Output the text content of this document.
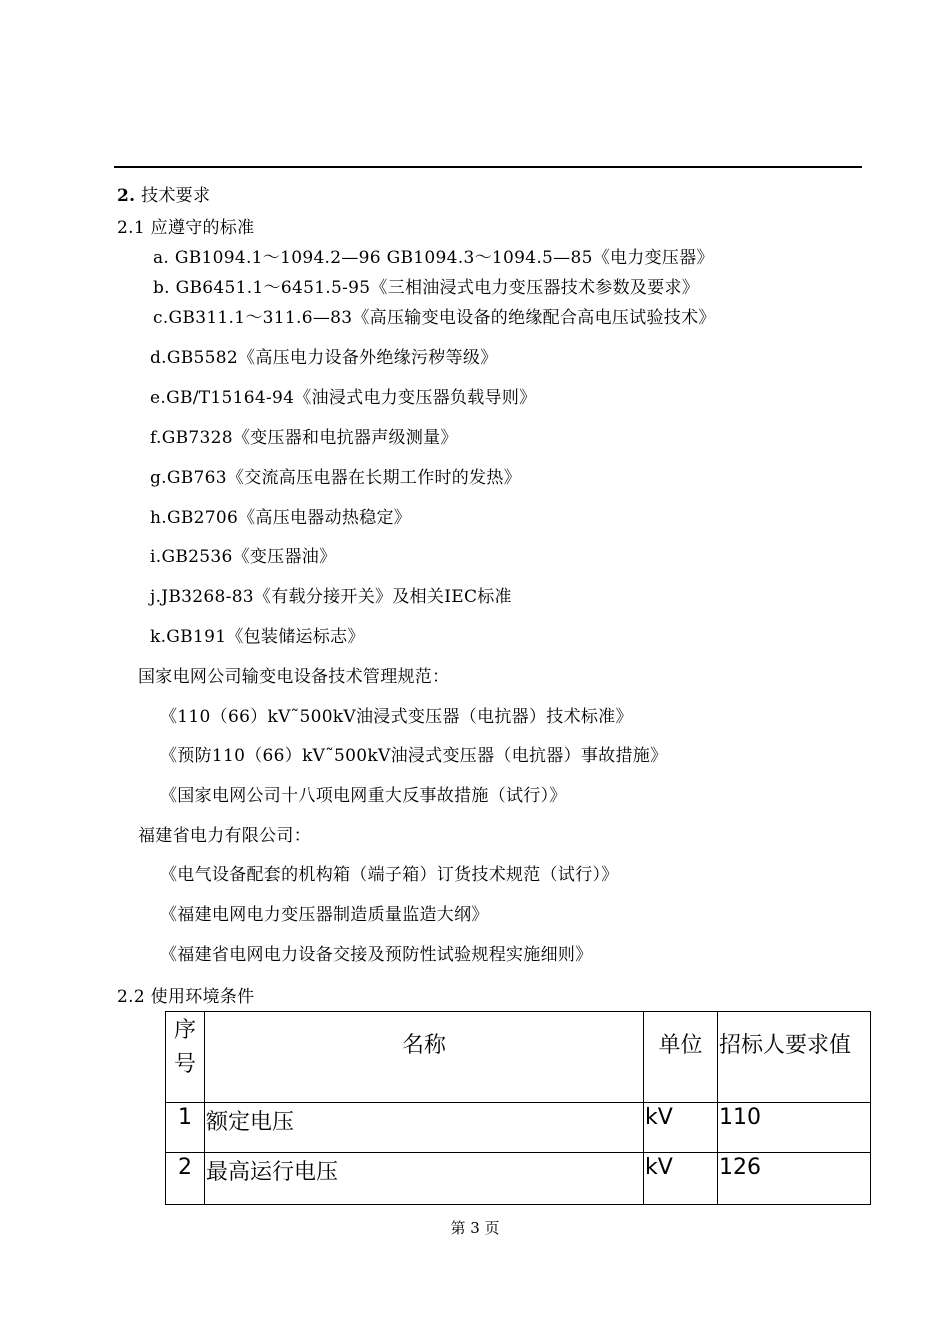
2. 技术要求
2.1 应遵守的标准
a. GB1094.1～1094.2—96 GB1094.3～1094.5—85《电力变压器》
b. GB6451.1～6451.5-95《三相油浸式电力变压器技术参数及要求》
c.GB311.1～311.6—83《高压输变电设备的绝缘配合高电压试验技术》
d.GB5582《高压电力设备外绝缘污秽等级》
e.GB/T15164-94《油浸式电力变压器负载导则》
f.GB7328《变压器和电抗器声级测量》
g.GB763《交流高压电器在长期工作时的发热》
h.GB2706《高压电器动热稳定》
i.GB2536《变压器油》
j.JB3268-83《有载分接开关》及相关IEC标准
k.GB191《包装储运标志》
国家电网公司输变电设备技术管理规范：
《110（66）kV˜500kV油浸式变压器（电抗器）技术标准》
《预防110（66）kV˜500kV油浸式变压器（电抗器）事故措施》
《国家电网公司十八项电网重大反事故措施（试行）》
福建省电力有限公司：
《电气设备配套的机构箱（端子箱）订货技术规范（试行）》
《福建电网电力变压器制造质量监造大纲》
《福建省电网电力设备交接及预防性试验规程实施细则》
2.2 使用环境条件
序号	名称	单位	招标人要求值
1	额定电压	kV	110
2	最高运行电压	kV	126
第 3 页
